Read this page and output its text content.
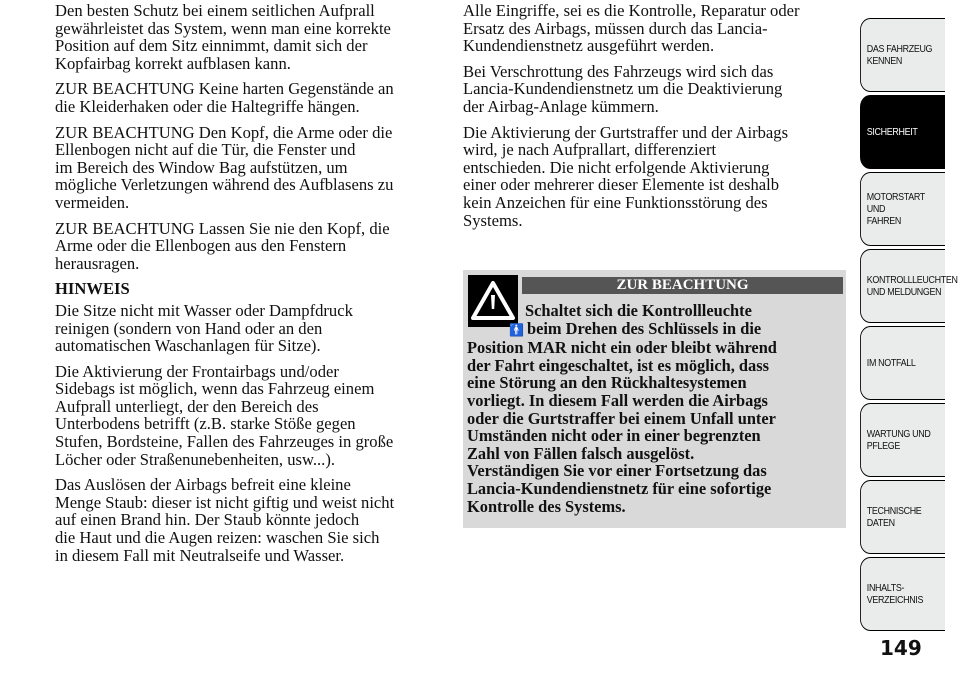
Den besten Schutz bei einem seitlichen Aufprall
gewährleistet das System, wenn man eine korrekte
Position auf dem Sitz einnimmt, damit sich der
Kopfairbag korrekt aufblasen kann.
ZUR BEACHTUNG Keine harten Gegenstände an
die Kleiderhaken oder die Haltegriffe hängen.
ZUR BEACHTUNG Den Kopf, die Arme oder die
Ellenbogen nicht auf die Tür, die Fenster und
im Bereich des Window Bag aufstützen, um
mögliche Verletzungen während des Aufblasens zu
vermeiden.
ZUR BEACHTUNG Lassen Sie nie den Kopf, die
Arme oder die Ellenbogen aus den Fenstern
herausragen.
HINWEIS
Die Sitze nicht mit Wasser oder Dampfdruck
reinigen (sondern von Hand oder an den
automatischen Waschanlagen für Sitze).
Die Aktivierung der Frontairbags und/oder
Sidebags ist möglich, wenn das Fahrzeug einem
Aufprall unterliegt, der den Bereich des
Unterbodens betrifft (z.B. starke Stöße gegen
Stufen, Bordsteine, Fallen des Fahrzeuges in große
Löcher oder Straßenunebenheiten, usw...).
Das Auslösen der Airbags befreit eine kleine
Menge Staub: dieser ist nicht giftig und weist nicht
auf einen Brand hin. Der Staub könnte jedoch
die Haut und die Augen reizen: waschen Sie sich
in diesem Fall mit Neutralseife und Wasser.
Alle Eingriffe, sei es die Kontrolle, Reparatur oder
Ersatz des Airbags, müssen durch das Lancia-
Kundendienstnetz ausgeführt werden.
Bei Verschrottung des Fahrzeugs wird sich das
Lancia-Kundendienstnetz um die Deaktivierung
der Airbag-Anlage kümmern.
Die Aktivierung der Gurtstraffer und der Airbags
wird, je nach Aufprallart, differenziert
entschieden. Die nicht erfolgende Aktivierung
einer oder mehrerer dieser Elemente ist deshalb
kein Anzeichen für eine Funktionsstörung des
Systems.
ZUR BEACHTUNG
Schaltet sich die Kontrollleuchte
🚹 beim Drehen des Schlüssels in die
Position MAR nicht ein oder bleibt während
der Fahrt eingeschaltet, ist es möglich, dass
eine Störung an den Rückhaltesystemen
vorliegt. In diesem Fall werden die Airbags
oder die Gurtstraffer bei einem Unfall unter
Umständen nicht oder in einer begrenzten
Zahl von Fällen falsch ausgelöst.
Verständigen Sie vor einer Fortsetzung das
Lancia-Kundendienstnetz für eine sofortige
Kontrolle des Systems.
DAS FAHRZEUG
KENNEN
SICHERHEIT
MOTORSTART UND
FAHREN
KONTROLLLEUCHTEN
UND MELDUNGEN
IM NOTFALL
WARTUNG UND
PFLEGE
TECHNISCHE
DATEN
INHALTS-
VERZEICHNIS
149
